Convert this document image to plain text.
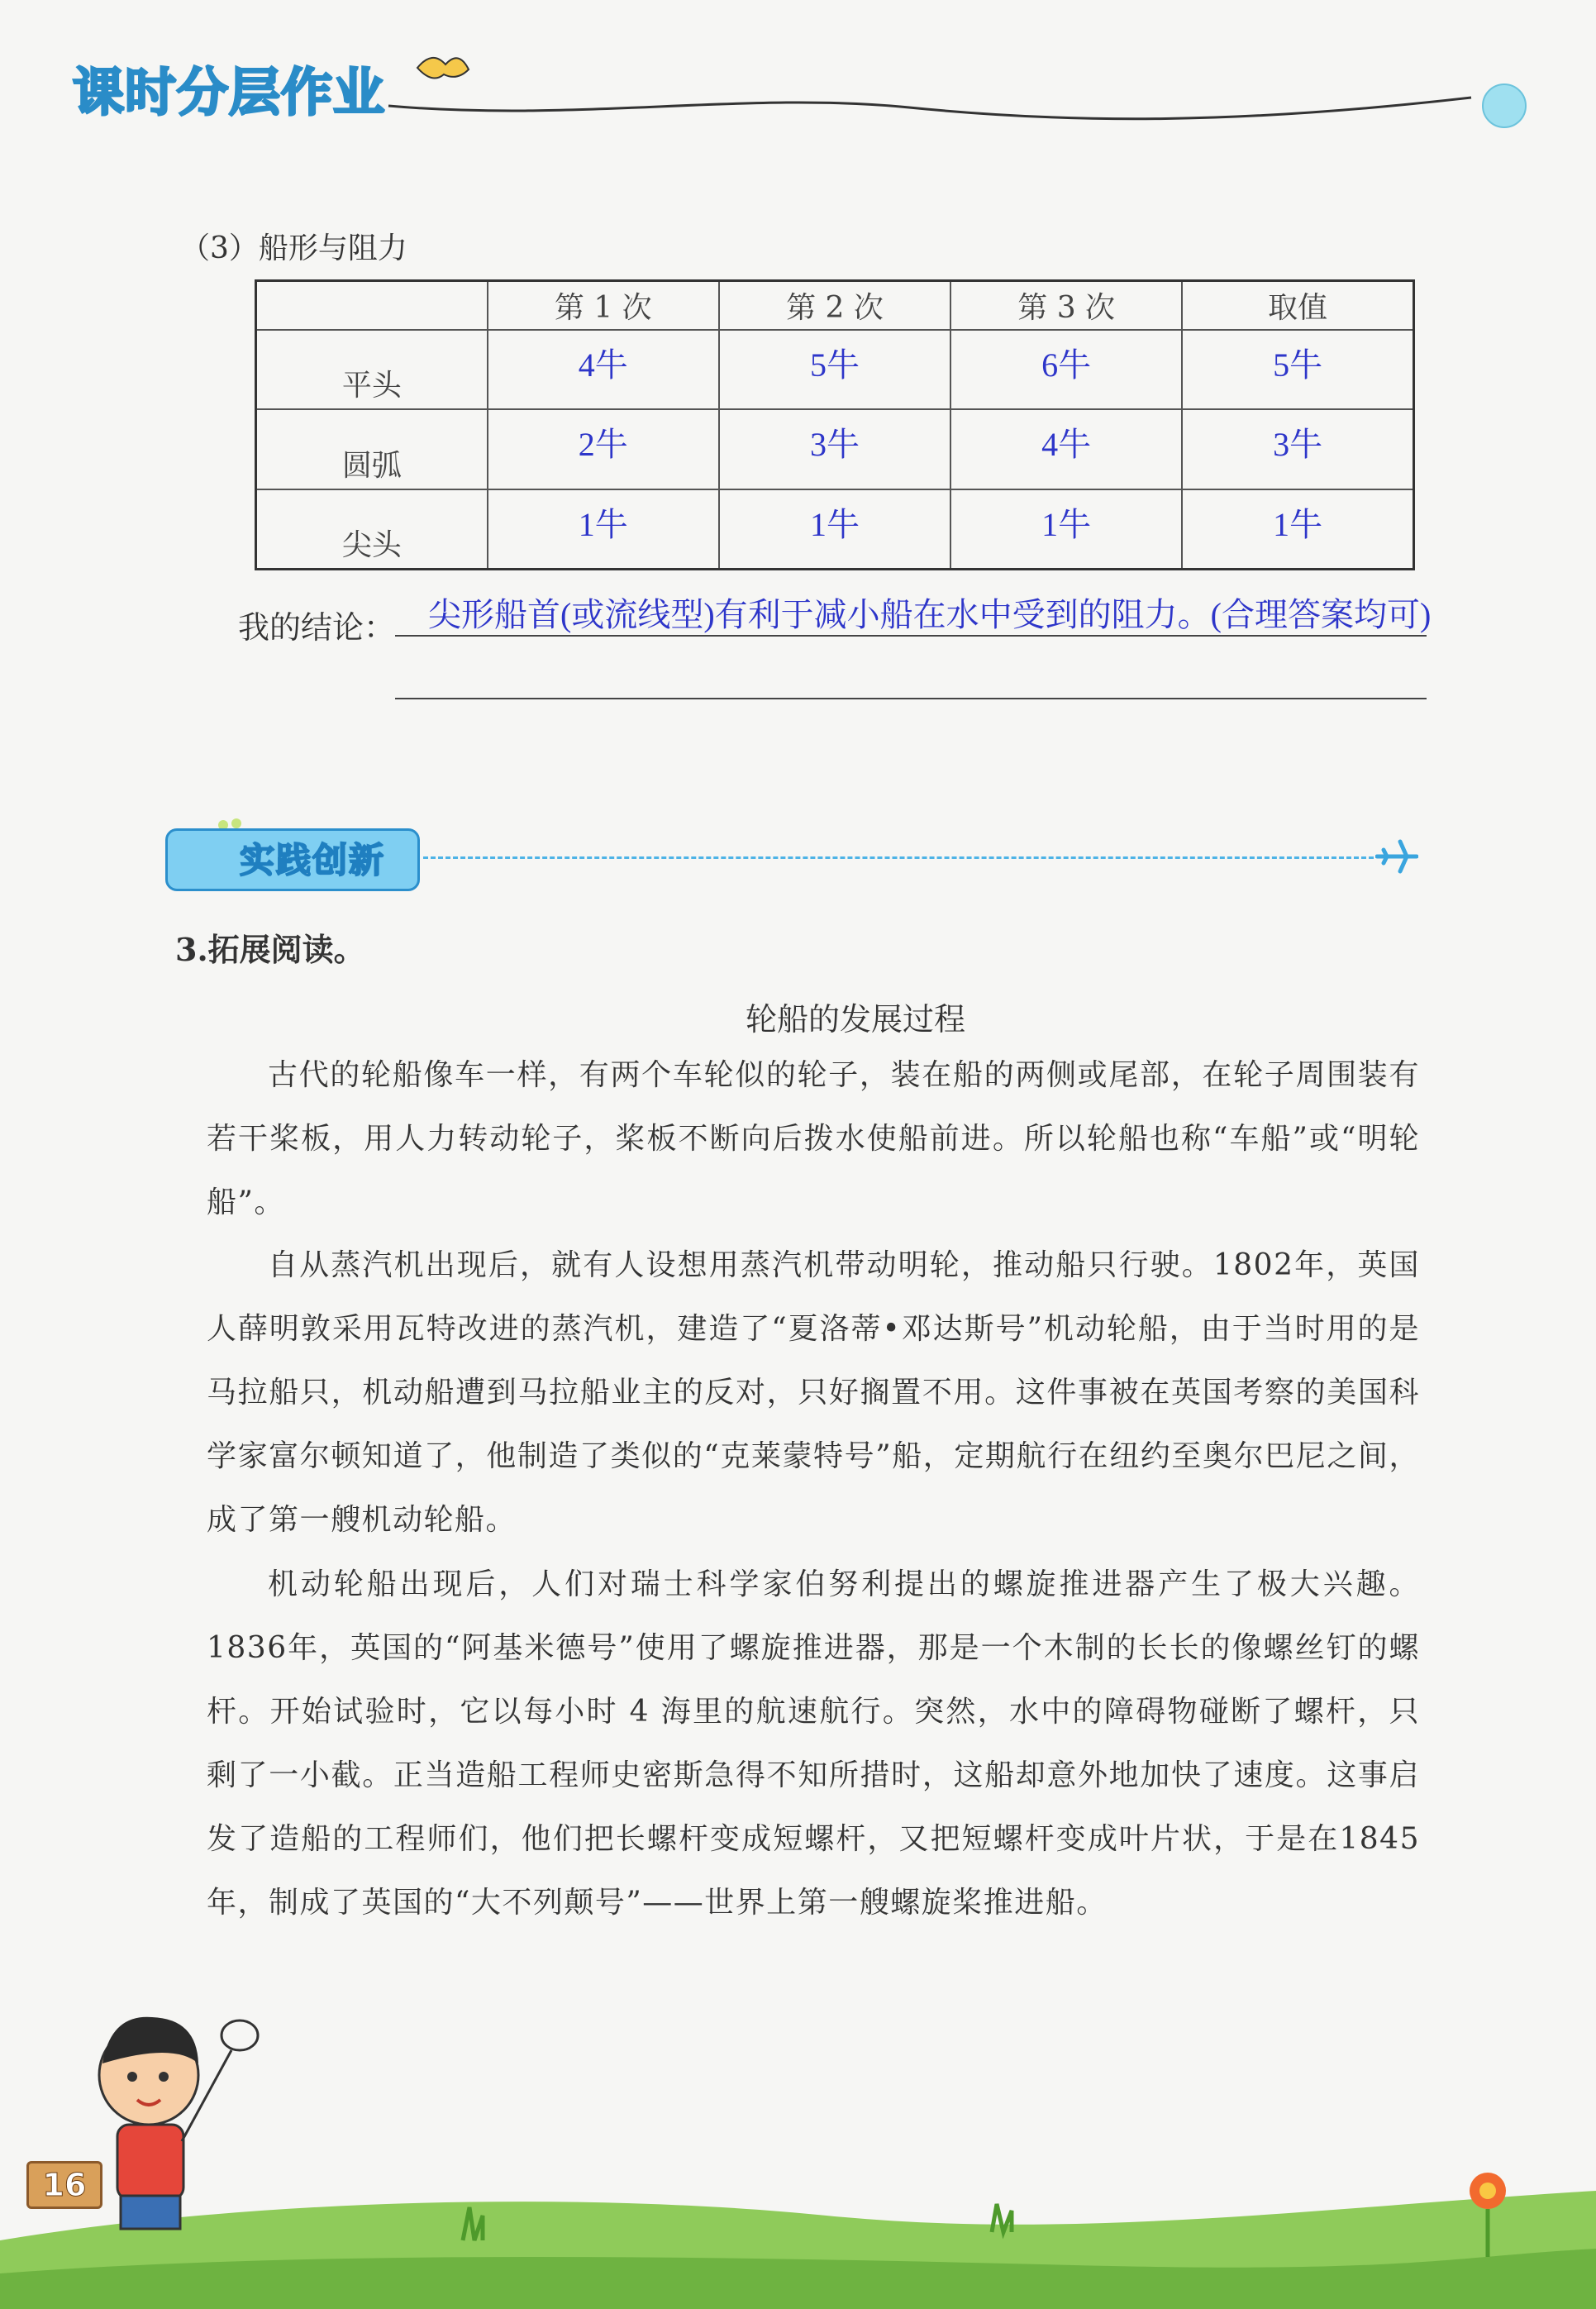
课时分层作业
（3）船形与阻力
	第 1 次	第 2 次	第 3 次	取值
平头	4牛	5牛	6牛	5牛
圆弧	2牛	3牛	4牛	3牛
尖头	1牛	1牛	1牛	1牛
我的结论： 尖形船首(或流线型)有利于减小船在水中受到的阻力。(合理答案均可)
实践创新
3.拓展阅读。
轮船的发展过程
古代的轮船像车一样，有两个车轮似的轮子，装在船的两侧或尾部，在轮子周围装有若干桨板，用人力转动轮子，桨板不断向后拨水使船前进。所以轮船也称“车船”或“明轮船”。
自从蒸汽机出现后，就有人设想用蒸汽机带动明轮，推动船只行驶。1802年，英国人薛明敦采用瓦特改进的蒸汽机，建造了“夏洛蒂•邓达斯号”机动轮船，由于当时用的是马拉船只，机动船遭到马拉船业主的反对，只好搁置不用。这件事被在英国考察的美国科学家富尔顿知道了，他制造了类似的“克莱蒙特号”船，定期航行在纽约至奥尔巴尼之间，成了第一艘机动轮船。
机动轮船出现后，人们对瑞士科学家伯努利提出的螺旋推进器产生了极大兴趣。1836年，英国的“阿基米德号”使用了螺旋推进器，那是一个木制的长长的像螺丝钉的螺杆。开始试验时，它以每小时 4 海里的航速航行。突然，水中的障碍物碰断了螺杆，只剩了一小截。正当造船工程师史密斯急得不知所措时，这船却意外地加快了速度。这事启发了造船的工程师们，他们把长螺杆变成短螺杆，又把短螺杆变成叶片状，于是在1845 年，制成了英国的“大不列颠号”——世界上第一艘螺旋桨推进船。
16
